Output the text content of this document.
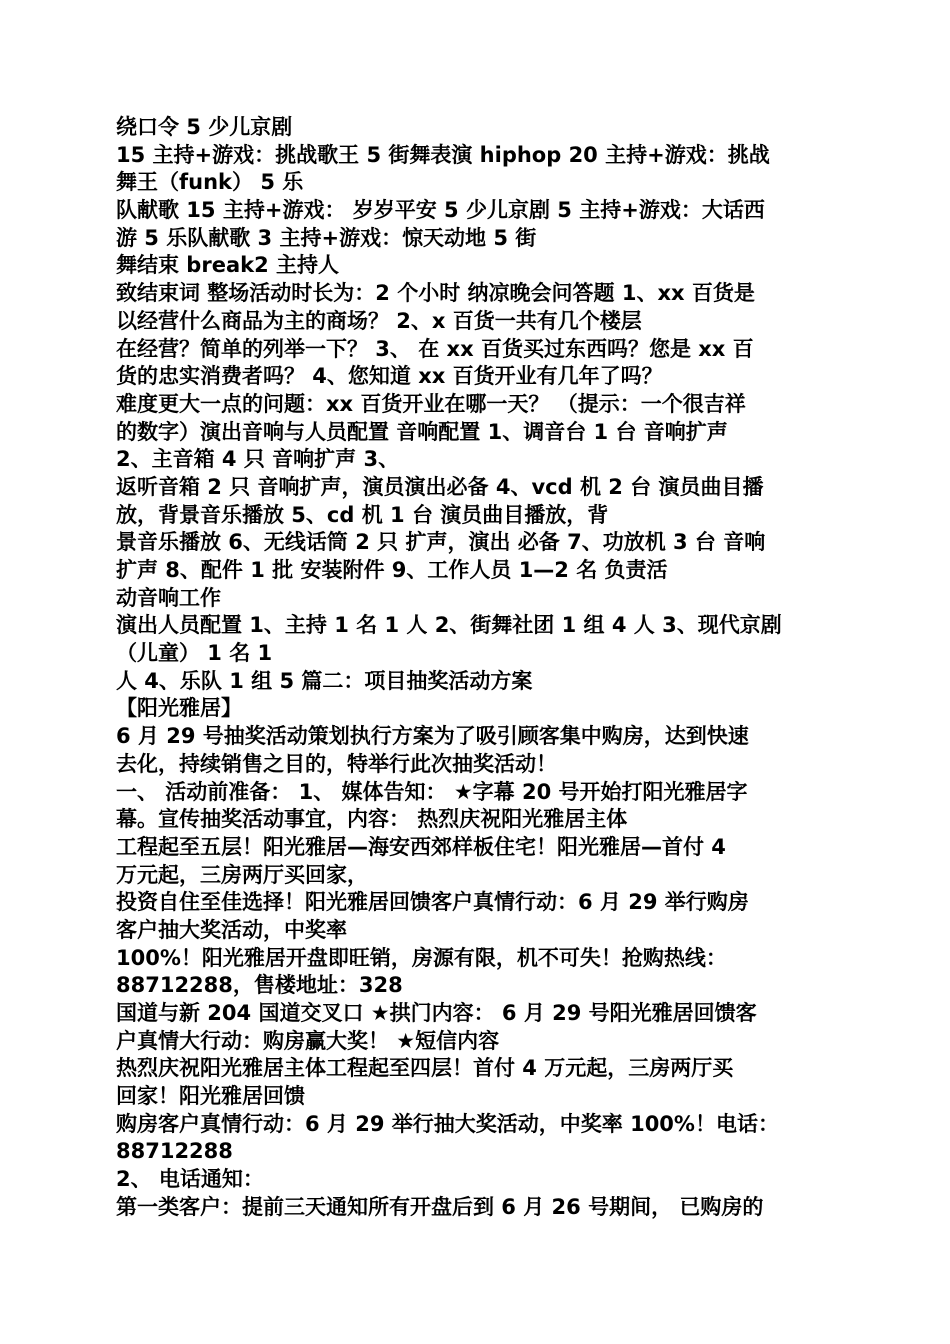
绕口令 5 少儿京剧
15 主持+游戏：挑战歌王 5 街舞表演 hiphop 20 主持+游戏：挑战
舞王（funk） 5 乐
队献歌 15 主持+游戏： 岁岁平安 5 少儿京剧 5 主持+游戏：大话西
游 5 乐队献歌 3 主持+游戏：惊天动地 5 街
舞结束 break2 主持人
致结束词 整场活动时长为：2 个小时 纳凉晚会问答题 1、xx 百货是
以经营什么商品为主的商场？ 2、x 百货一共有几个楼层
在经营？简单的列举一下？ 3、 在 xx 百货买过东西吗？您是 xx 百
货的忠实消费者吗？ 4、您知道 xx 百货开业有几年了吗？
难度更大一点的问题：xx 百货开业在哪一天？ （提示：一个很吉祥
的数字）演出音响与人员配置 音响配置 1、调音台 1 台 音响扩声
2、主音箱 4 只 音响扩声 3、
返听音箱 2 只 音响扩声，演员演出必备 4、vcd 机 2 台 演员曲目播
放，背景音乐播放 5、cd 机 1 台 演员曲目播放，背
景音乐播放 6、无线话筒 2 只 扩声，演出 必备 7、功放机 3 台 音响
扩声 8、配件 1 批 安装附件 9、工作人员 1—2 名 负责活
动音响工作
演出人员配置 1、主持 1 名 1 人 2、街舞社团 1 组 4 人 3、现代京剧
（儿童） 1 名 1
人 4、乐队 1 组 5 篇二：项目抽奖活动方案
【阳光雅居】
6 月 29 号抽奖活动策划执行方案为了吸引顾客集中购房，达到快速
去化，持续销售之目的，特举行此次抽奖活动！
一、 活动前准备： 1、 媒体告知： ★字幕 20 号开始打阳光雅居字
幕。宣传抽奖活动事宜，内容： 热烈庆祝阳光雅居主体
工程起至五层！阳光雅居—海安西郊样板住宅！阳光雅居—首付 4
万元起，三房两厅买回家，
投资自住至佳选择！阳光雅居回馈客户真情行动：6 月 29 举行购房
客户抽大奖活动，中奖率
100%！阳光雅居开盘即旺销，房源有限，机不可失！抢购热线：
88712288，售楼地址：328
国道与新 204 国道交叉口 ★拱门内容： 6 月 29 号阳光雅居回馈客
户真情大行动：购房赢大奖！ ★短信内容
热烈庆祝阳光雅居主体工程起至四层！首付 4 万元起，三房两厅买
回家！阳光雅居回馈
购房客户真情行动：6 月 29 举行抽大奖活动，中奖率 100%！电话：
88712288
2、 电话通知：
第一类客户：提前三天通知所有开盘后到 6 月 26 号期间， 已购房的
